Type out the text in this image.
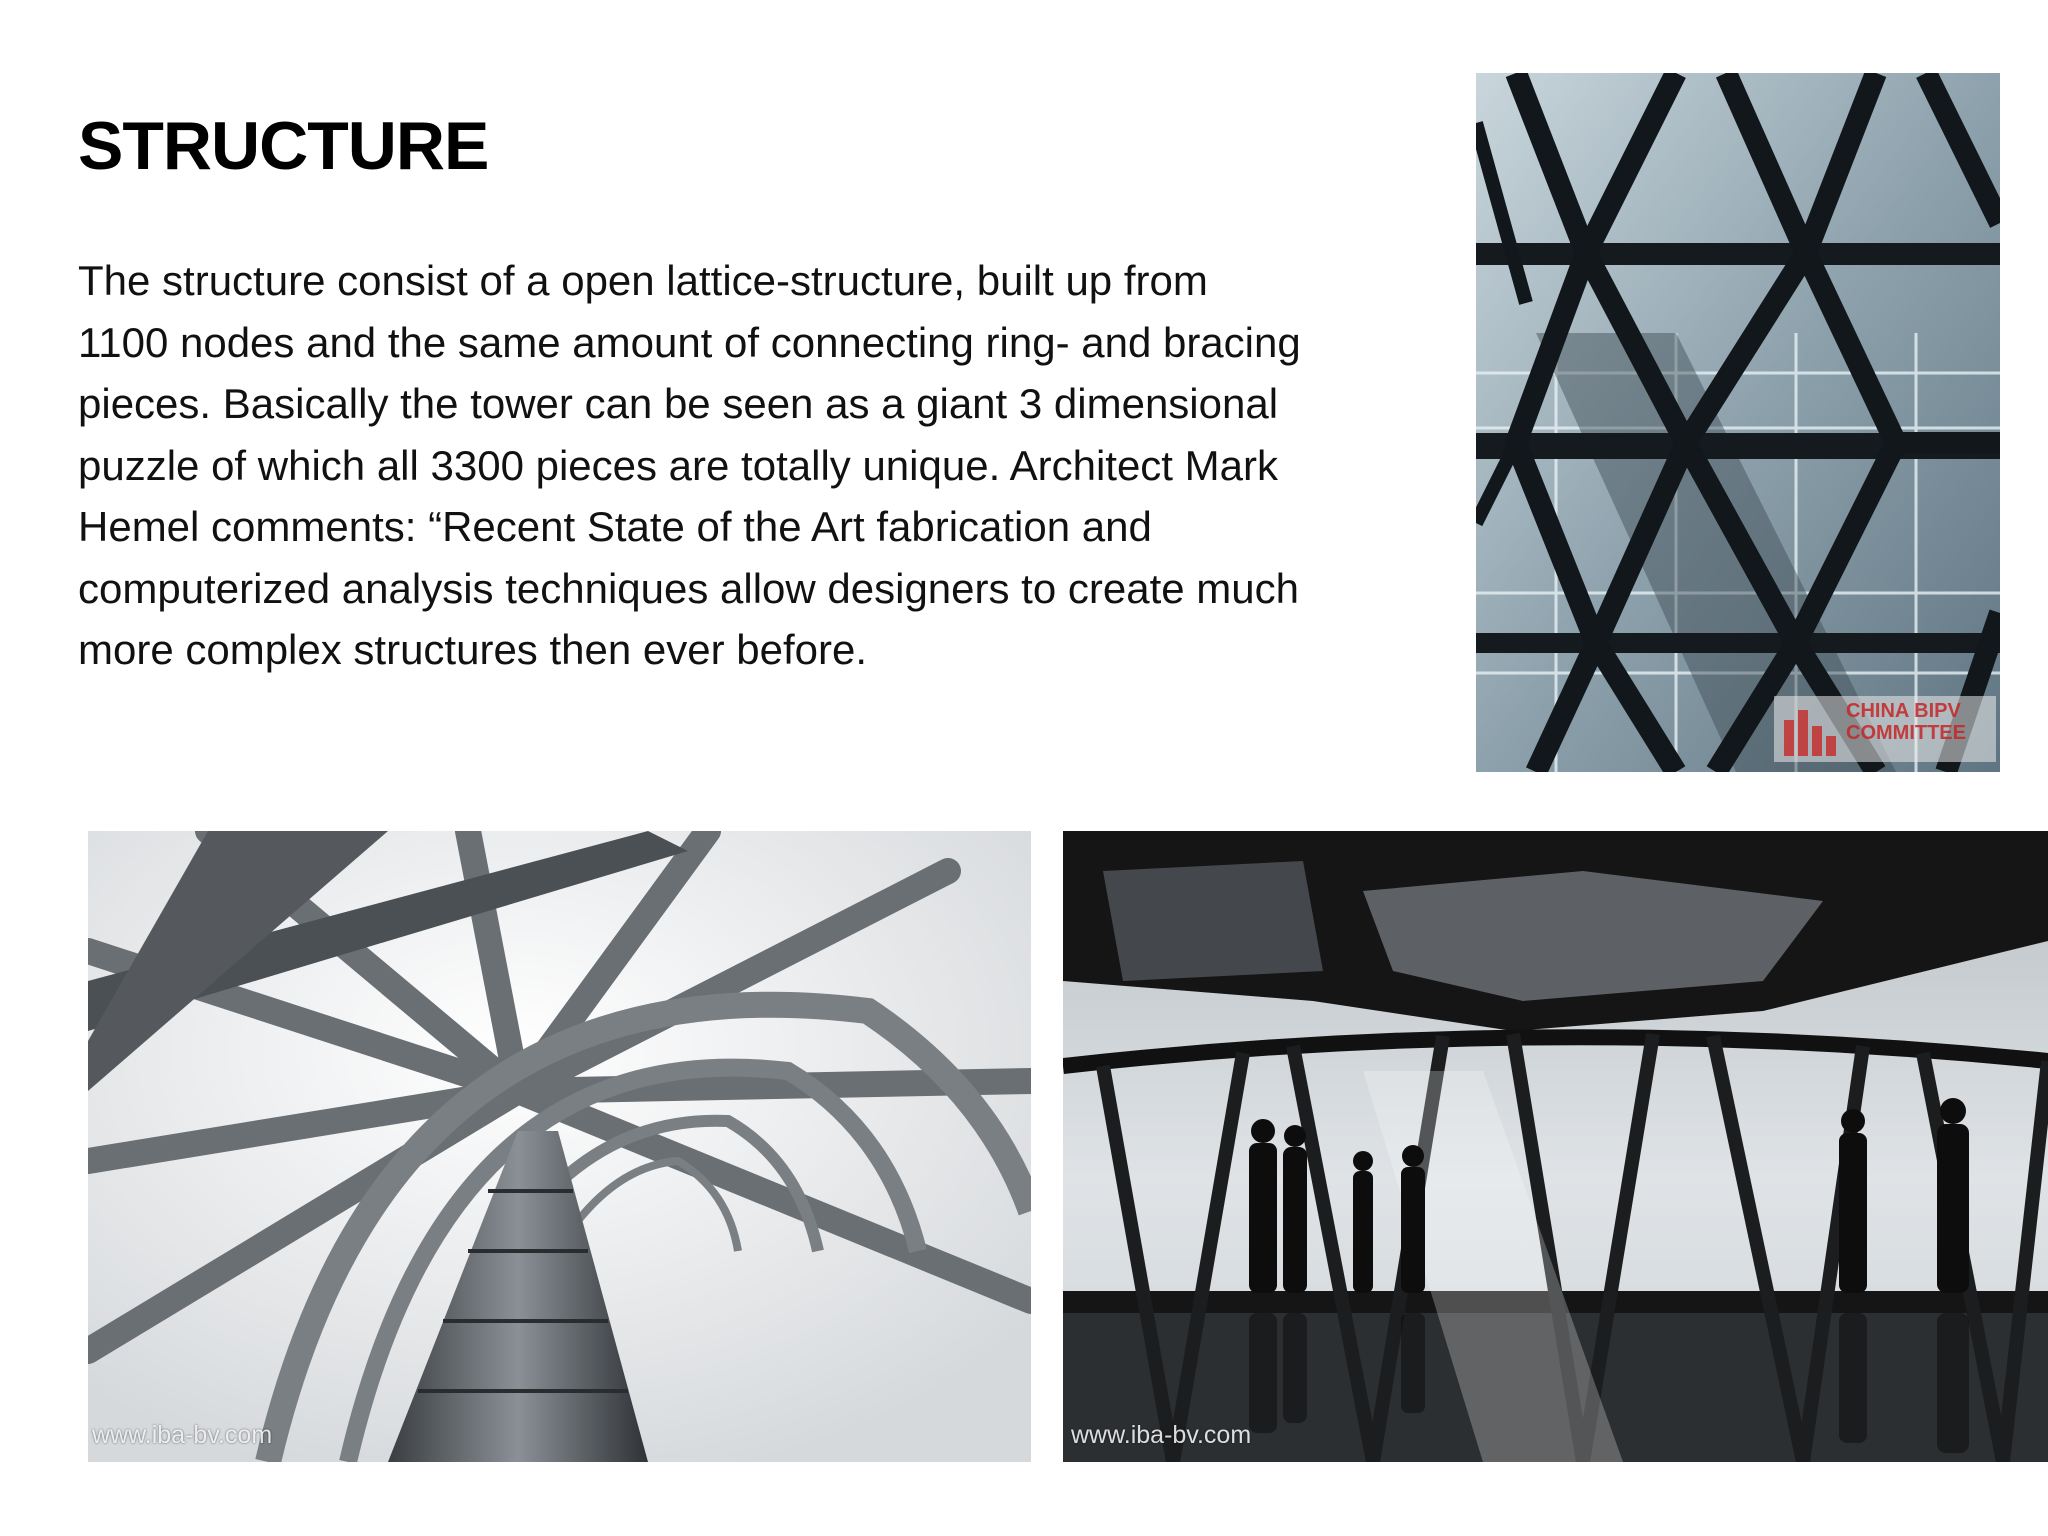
STRUCTURE
The structure consist of a open lattice-structure, built up from
1100 nodes and the same amount of connecting ring- and bracing
pieces. Basically the tower can be seen as a giant 3 dimensional
puzzle of which all 3300 pieces are totally unique. Architect Mark
Hemel comments: “Recent State of the Art fabrication and
computerized analysis techniques allow designers to create much
more complex structures then ever before.
CHINA BIPV
COMMITTEE
www.iba-bv.com	www.iba-bv.com
